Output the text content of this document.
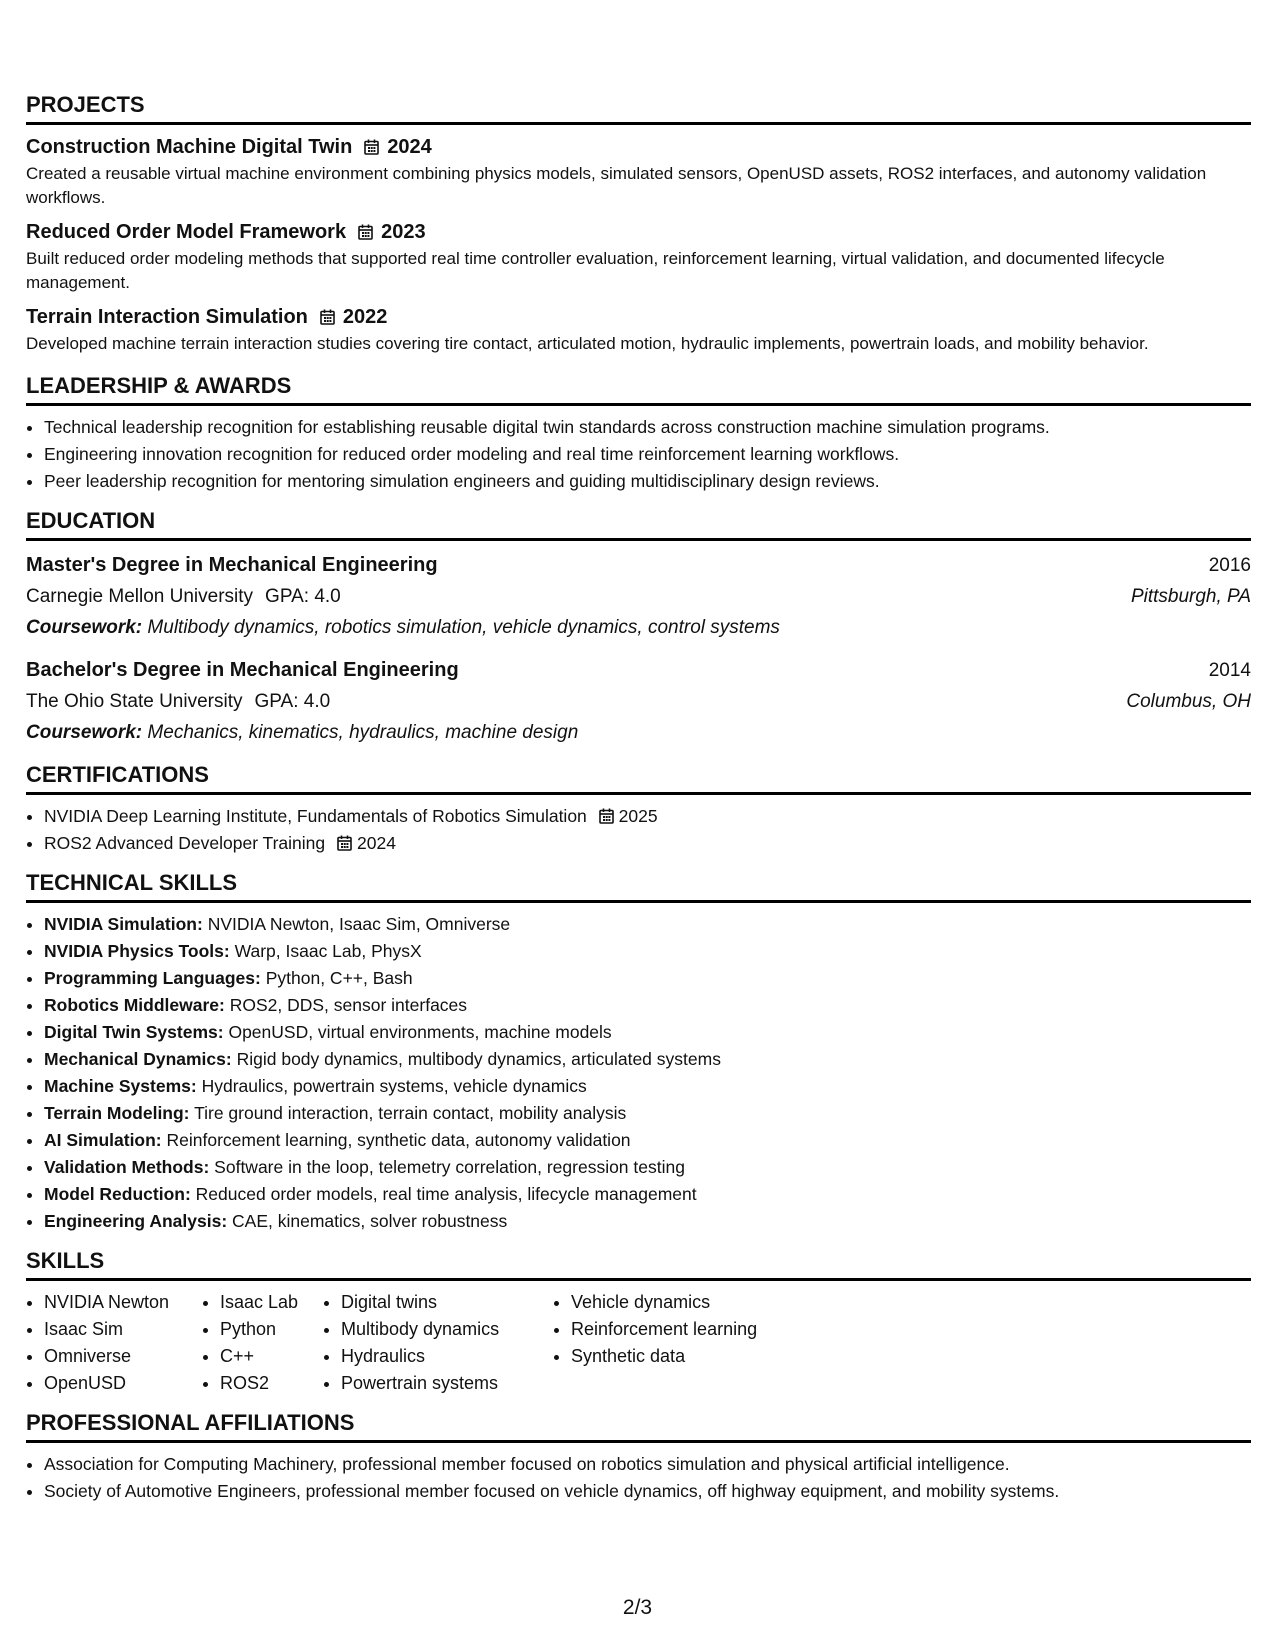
PROJECTS
Construction Machine Digital Twin 2024
Created a reusable virtual machine environment combining physics models, simulated sensors, OpenUSD assets, ROS2 interfaces, and autonomy validation workflows.
Reduced Order Model Framework 2023
Built reduced order modeling methods that supported real time controller evaluation, reinforcement learning, virtual validation, and documented lifecycle management.
Terrain Interaction Simulation 2022
Developed machine terrain interaction studies covering tire contact, articulated motion, hydraulic implements, powertrain loads, and mobility behavior.
LEADERSHIP & AWARDS
• Technical leadership recognition for establishing reusable digital twin standards across construction machine simulation programs.
• Engineering innovation recognition for reduced order modeling and real time reinforcement learning workflows.
• Peer leadership recognition for mentoring simulation engineers and guiding multidisciplinary design reviews.
EDUCATION
Master's Degree in Mechanical Engineering	2016
Carnegie Mellon University GPA: 4.0	Pittsburgh, PA
Coursework: Multibody dynamics, robotics simulation, vehicle dynamics, control systems
Bachelor's Degree in Mechanical Engineering	2014
The Ohio State University GPA: 4.0	Columbus, OH
Coursework: Mechanics, kinematics, hydraulics, machine design
CERTIFICATIONS
• NVIDIA Deep Learning Institute, Fundamentals of Robotics Simulation 2025
• ROS2 Advanced Developer Training 2024
TECHNICAL SKILLS
• NVIDIA Simulation: NVIDIA Newton, Isaac Sim, Omniverse
• NVIDIA Physics Tools: Warp, Isaac Lab, PhysX
• Programming Languages: Python, C++, Bash
• Robotics Middleware: ROS2, DDS, sensor interfaces
• Digital Twin Systems: OpenUSD, virtual environments, machine models
• Mechanical Dynamics: Rigid body dynamics, multibody dynamics, articulated systems
• Machine Systems: Hydraulics, powertrain systems, vehicle dynamics
• Terrain Modeling: Tire ground interaction, terrain contact, mobility analysis
• AI Simulation: Reinforcement learning, synthetic data, autonomy validation
• Validation Methods: Software in the loop, telemetry correlation, regression testing
• Model Reduction: Reduced order models, real time analysis, lifecycle management
• Engineering Analysis: CAE, kinematics, solver robustness
SKILLS
• NVIDIA Newton
• Isaac Sim
• Omniverse
• OpenUSD
• Isaac Lab
• Python
• C++
• ROS2
• Digital twins
• Multibody dynamics
• Hydraulics
• Powertrain systems
• Vehicle dynamics
• Reinforcement learning
• Synthetic data
PROFESSIONAL AFFILIATIONS
• Association for Computing Machinery, professional member focused on robotics simulation and physical artificial intelligence.
• Society of Automotive Engineers, professional member focused on vehicle dynamics, off highway equipment, and mobility systems.
2/3
